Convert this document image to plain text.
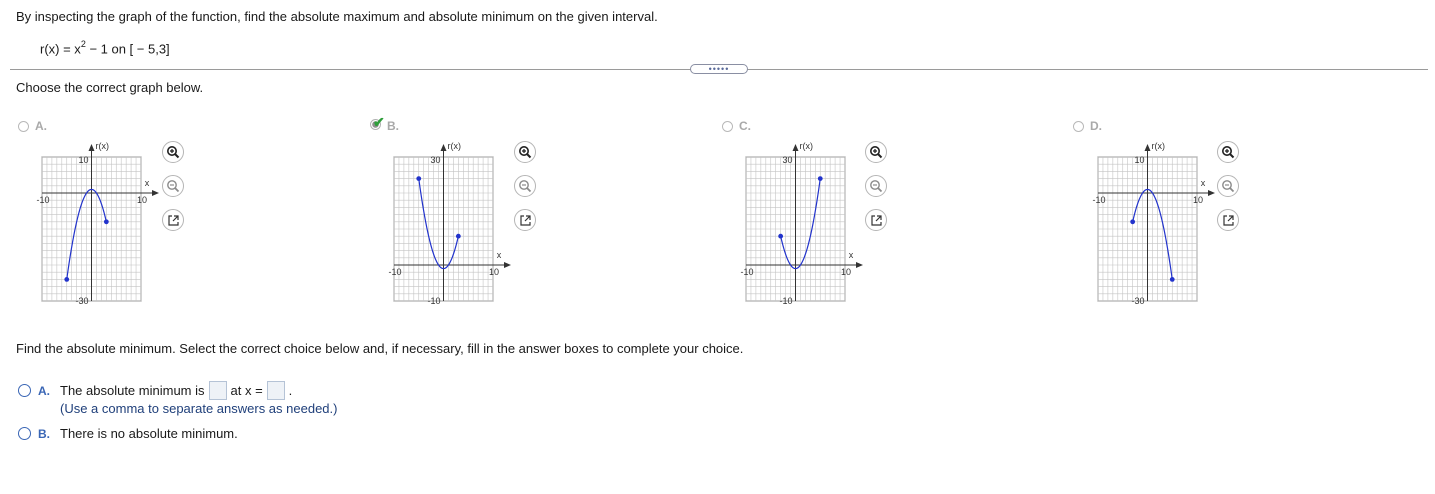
By inspecting the graph of the function, find the absolute maximum and absolute minimum on the given interval.
$r(x) = x^2 - 1$ on [ − 5,3]
•••••
Choose the correct graph below.
A.	✔ B.	C.	D.
r(x)
x
10
-30
-10	10
r(x)
x
30
-10
-10	10
r(x)
x
30
-10
-10	10
r(x)
x
10
-30
-10	10
Find the absolute minimum. Select the correct choice below and, if necessary, fill in the answer boxes to complete your choice.
A. The absolute minimum is at x = .
(Use a comma to separate answers as needed.)
B. There is no absolute minimum.
